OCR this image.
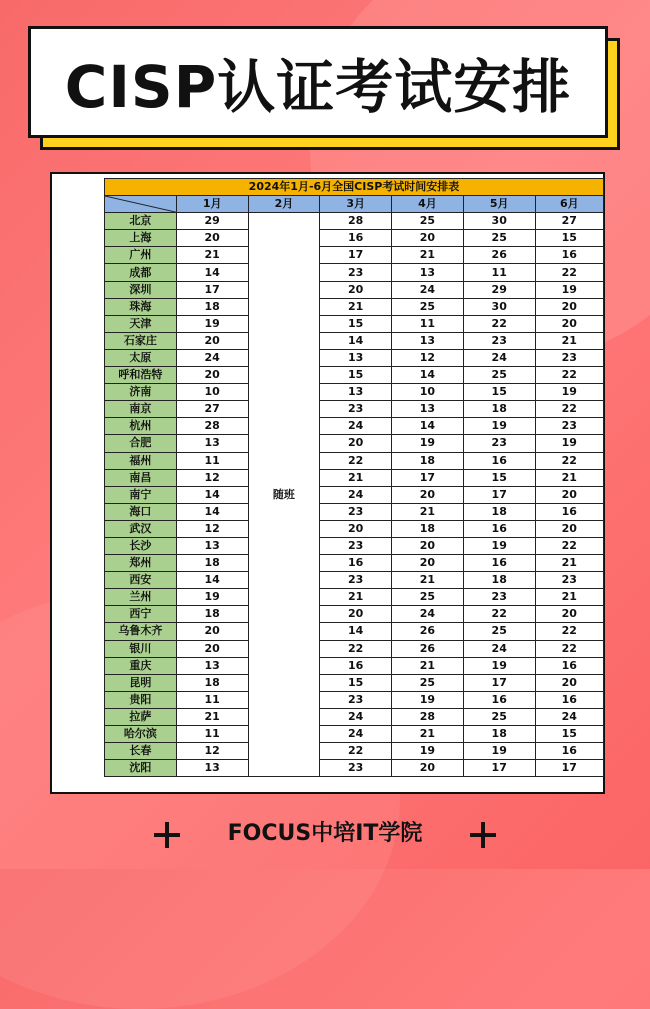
CISP认证考试安排
2024年1月-6月全国CISP考试时间安排表						

	1月	2月	3月	4月	5月	6月
北京	29	随班	28	25	30	27
上海	20		16	20	25	15
广州	21		17	21	26	16
成都	14		23	13	11	22
深圳	17		20	24	29	19
珠海	18		21	25	30	20
天津	19		15	11	22	20
石家庄	20		14	13	23	21
太原	24		13	12	24	23
呼和浩特	20		15	14	25	22
济南	10		13	10	15	19
南京	27		23	13	18	22
杭州	28		24	14	19	23
合肥	13		20	19	23	19
福州	11		22	18	16	22
南昌	12		21	17	15	21
南宁	14		24	20	17	20
海口	14		23	21	18	16
武汉	12		20	18	16	20
长沙	13		23	20	19	22
郑州	18		16	20	16	21
西安	14		23	21	18	23
兰州	19		21	25	23	21
西宁	18		20	24	22	20
乌鲁木齐	20		14	26	25	22
银川	20		22	26	24	22
重庆	13		16	21	19	16
昆明	18		15	25	17	20
贵阳	11		23	19	16	16
拉萨	21		24	28	25	24
哈尔滨	11		24	21	18	15
长春	12		22	19	19	16
沈阳	13		23	20	17	17
FOCUS中培IT学院
